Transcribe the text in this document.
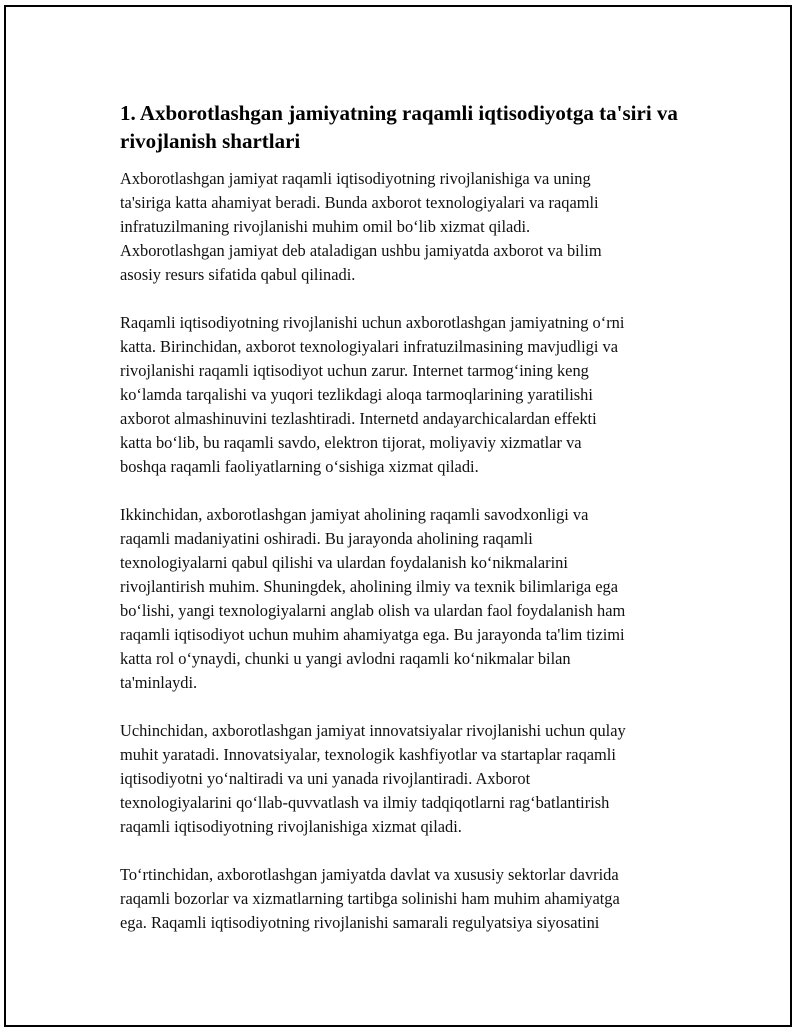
1. Axborotlashgan jamiyatning raqamli iqtisodiyotga ta'siri va
rivojlanish shartlari
Axborotlashgan jamiyat raqamli iqtisodiyotning rivojlanishiga va uning
ta'siriga katta ahamiyat beradi. Bunda axborot texnologiyalari va raqamli
infratuzilmaning rivojlanishi muhim omil bo‘lib xizmat qiladi.
Axborotlashgan jamiyat deb ataladigan ushbu jamiyatda axborot va bilim
asosiy resurs sifatida qabul qilinadi.
Raqamli iqtisodiyotning rivojlanishi uchun axborotlashgan jamiyatning o‘rni
katta. Birinchidan, axborot texnologiyalari infratuzilmasining mavjudligi va
rivojlanishi raqamli iqtisodiyot uchun zarur. Internet tarmog‘ining keng
ko‘lamda tarqalishi va yuqori tezlikdagi aloqa tarmoqlarining yaratilishi
axborot almashinuvini tezlashtiradi. Internetd andayarchicalardan effekti
katta bo‘lib, bu raqamli savdo, elektron tijorat, moliyaviy xizmatlar va
boshqa raqamli faoliyatlarning o‘sishiga xizmat qiladi.
Ikkinchidan, axborotlashgan jamiyat aholining raqamli savodxonligi va
raqamli madaniyatini oshiradi. Bu jarayonda aholining raqamli
texnologiyalarni qabul qilishi va ulardan foydalanish ko‘nikmalarini
rivojlantirish muhim. Shuningdek, aholining ilmiy va texnik bilimlariga ega
bo‘lishi, yangi texnologiyalarni anglab olish va ulardan faol foydalanish ham
raqamli iqtisodiyot uchun muhim ahamiyatga ega. Bu jarayonda ta'lim tizimi
katta rol o‘ynaydi, chunki u yangi avlodni raqamli ko‘nikmalar bilan
ta'minlaydi.
Uchinchidan, axborotlashgan jamiyat innovatsiyalar rivojlanishi uchun qulay
muhit yaratadi. Innovatsiyalar, texnologik kashfiyotlar va startaplar raqamli
iqtisodiyotni yo‘naltiradi va uni yanada rivojlantiradi. Axborot
texnologiyalarini qo‘llab-quvvatlash va ilmiy tadqiqotlarni rag‘batlantirish
raqamli iqtisodiyotning rivojlanishiga xizmat qiladi.
To‘rtinchidan, axborotlashgan jamiyatda davlat va xususiy sektorlar davrida
raqamli bozorlar va xizmatlarning tartibga solinishi ham muhim ahamiyatga
ega. Raqamli iqtisodiyotning rivojlanishi samarali regulyatsiya siyosatini
